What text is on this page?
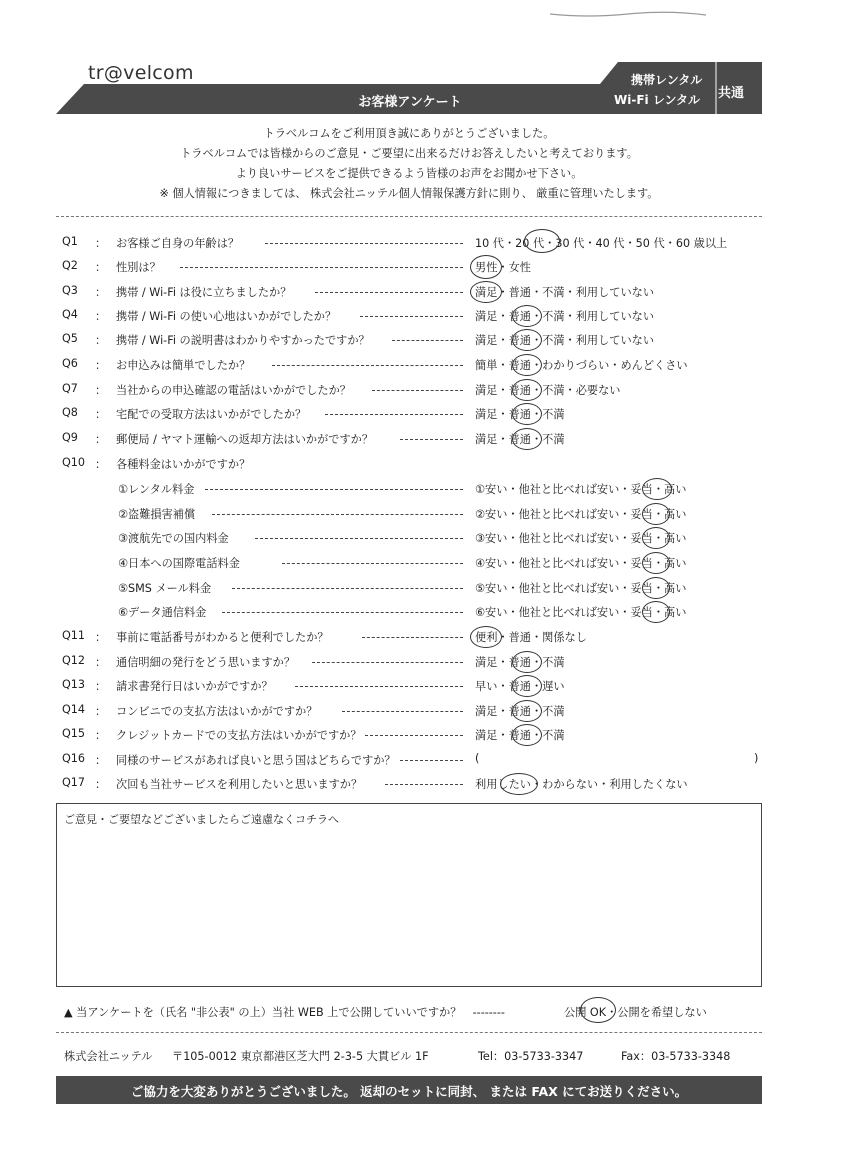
tr@velcom
お客様アンケート
携帯レンタル
Wi-Fi レンタル 共通
トラベルコムをご利用頂き誠にありがとうございました。
トラベルコムでは皆様からのご意見・ご要望に出来るだけお答えしたいと考えております。
より良いサービスをご提供できるよう皆様のお声をお聞かせ下さい。
※ 個人情報につきましては、 株式会社ニッテル個人情報保護方針に則り、 厳重に管理いたします。
Q1 ： お客様ご自身の年齢は？	10 代・20 代・30 代・40 代・50 代・60 歳以上
Q2 ： 性別は？	男性・女性
Q3 ： 携帯 / Wi-Fi は役に立ちましたか？	満足・普通・不満・利用していない
Q4 ： 携帯 / Wi-Fi の使い心地はいかがでしたか？	満足・普通・不満・利用していない
Q5 ： 携帯 / Wi-Fi の説明書はわかりやすかったですか？	満足・普通・不満・利用していない
Q6 ： お申込みは簡単でしたか？	簡単・普通・わかりづらい・めんどくさい
Q7 ： 当社からの申込確認の電話はいかがでしたか？	満足・普通・不満・必要ない
Q8 ： 宅配での受取方法はいかがでしたか？	満足・普通・不満
Q9 ： 郵便局 / ヤマト運輸への返却方法はいかがですか？	満足・普通・不満
Q10 ： 各種料金はいかがですか？
①レンタル料金	①安い・他社と比べれば安い・妥当・高い
②盗難損害補償	②安い・他社と比べれば安い・妥当・高い
③渡航先での国内料金	③安い・他社と比べれば安い・妥当・高い
④日本への国際電話料金	④安い・他社と比べれば安い・妥当・高い
⑤SMS メール料金	⑤安い・他社と比べれば安い・妥当・高い
⑥データ通信料金	⑥安い・他社と比べれば安い・妥当・高い
Q11 ： 事前に電話番号がわかると便利でしたか？	便利・普通・関係なし
Q12 ： 通信明細の発行をどう思いますか？	満足・普通・不満
Q13 ： 請求書発行日はいかがですか？	早い・普通・遅い
Q14 ： コンビニでの支払方法はいかがですか？	満足・普通・不満
Q15 ： クレジットカードでの支払方法はいかがですか？	満足・普通・不満
Q16 ： 同様のサービスがあれば良いと思う国はどちらですか？	(	)
Q17 ： 次回も当社サービスを利用したいと思いますか？	利用したい・わからない・利用したくない
ご意見・ご要望などございましたらご遠慮なくコチラへ
▲ 当アンケートを（氏名 "非公表" の上）当社 WEB 上で公開していいですか？　--------	公開 OK・公開を希望しない
株式会社ニッテル 〒105-0012 東京都港区芝大門 2-3-5 大貫ビル 1F	Tel：03-5733-3347	Fax：03-5733-3348
ご協力を大変ありがとうございました。 返却のセットに同封、 または FAX にてお送りください。
